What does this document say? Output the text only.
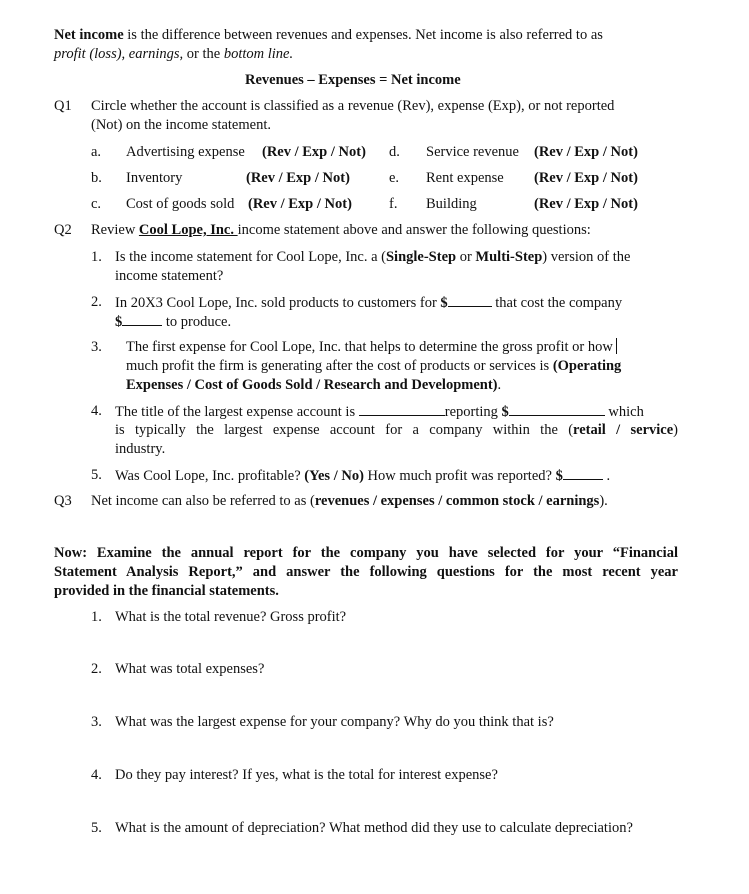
Net income is the difference between revenues and expenses. Net income is also referred to as
profit (loss), earnings, or the bottom line.
Revenues – Expenses = Net income
Q1 Circle whether the account is classified as a revenue (Rev), expense (Exp), or not reported
(Not) on the income statement.
a. Advertising expense (Rev / Exp / Not)
b. Inventory	(Rev / Exp / Not)
c. Cost of goods sold (Rev / Exp / Not)
d. Service revenue (Rev / Exp / Not)
e. Rent expense (Rev / Exp / Not)
f. Building	(Rev / Exp / Not)
Q2 Review Cool Lope, Inc. income statement above and answer the following questions:
1. Is the income statement for Cool Lope, Inc. a (Single-Step or Multi-Step) version of the
income statement?
2. In 20X3 Cool Lope, Inc. sold products to customers for $	that cost the company
$	to produce.
3. The first expense for Cool Lope, Inc. that helps to determine the gross profit or how
much profit the firm is generating after the cost of products or services is (Operating
Expenses / Cost of Goods Sold / Research and Development).
4. The title of the largest expense account is	reporting $	which
is typically the largest expense account for a company within the (retail / service)
industry.
5. Was Cool Lope, Inc. profitable? (Yes / No) How much profit was reported? $	.
Q3 Net income can also be referred to as (revenues / expenses / common stock / earnings).
Now: Examine the annual report for the company you have selected for your “Financial
Statement Analysis Report,” and answer the following questions for the most recent year
provided in the financial statements.
1. What is the total revenue? Gross profit?
2. What was total expenses?
3. What was the largest expense for your company? Why do you think that is?
4. Do they pay interest? If yes, what is the total for interest expense?
5. What is the amount of depreciation? What method did they use to calculate depreciation?
